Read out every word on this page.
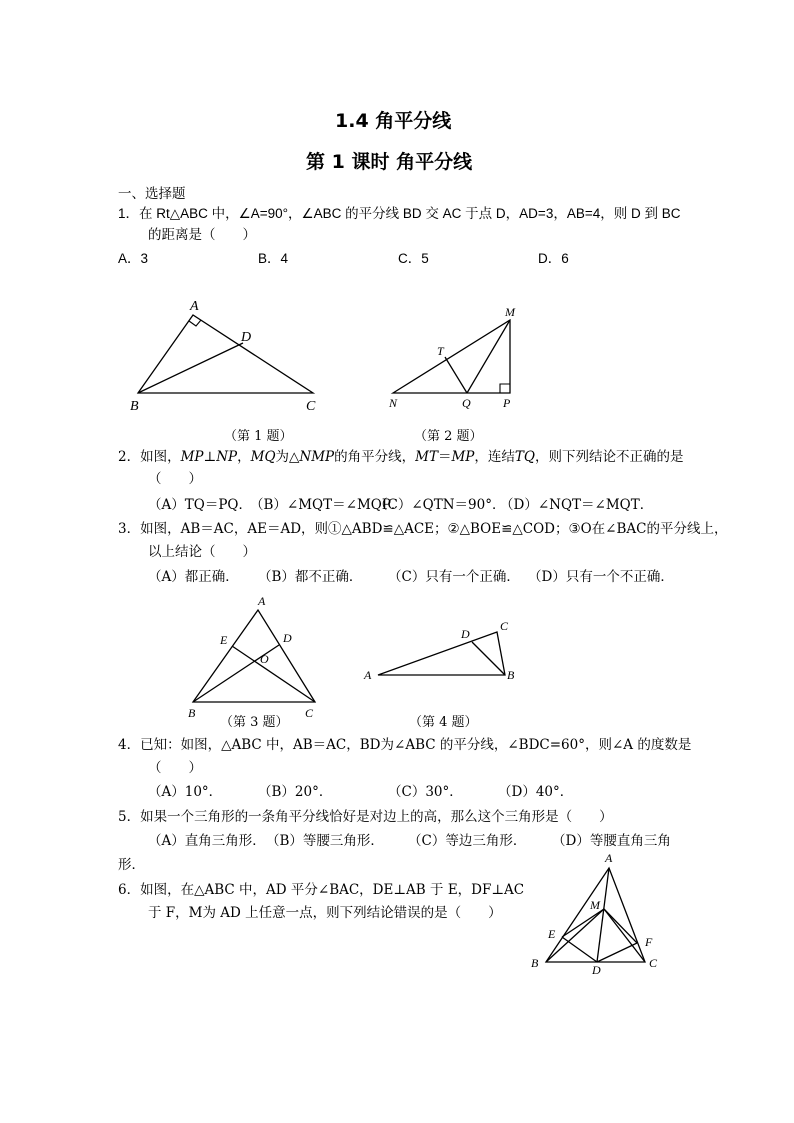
1.4 角平分线
第 1 课时 角平分线
一、选择题
1．在 Rt△ABC 中，∠A=90°，∠ABC 的平分线 BD 交 AC 于点 D，AD=3，AB=4，则 D 到 BC
的距离是（　　）
A．3	B．4	C．5	D．6
A
D
B	C
（第 1 题）
M
T
N	Q	P
（第 2 题）
2．如图，MP⊥NP，MQ为△NMP的角平分线，MT＝MP，连结TQ，则下列结论不正确的是
（　　）
（A）TQ＝PQ．
（B）∠MQT＝∠MQP．
（C）∠QTN＝90°．
（D）∠NQT＝∠MQT．
3．如图，AB＝AC，AE＝AD，则①△ABD≌△ACE；②△BOE≌△COD；③O在∠BAC的平分线上，
以上结论（　　）
（A）都正确． （B）都不正确． （C）只有一个正确． （D）只有一个不正确．
A
E	D
O
B	C
（第 3 题）
D
C
A	B
（第 4 题）
4．已知：如图，△ABC 中，AB＝AC，BD为∠ABC 的平分线，∠BDC=60°，则∠A 的度数是
（　　）
（A）10°．	（B）20°．	（C）30°．	（D）40°．
5．如果一个三角形的一条角平分线恰好是对边上的高，那么这个三角形是（　　）
（A）直角三角形． （B）等腰三角形． （C）等边三角形． （D）等腰直角三角
形．
6．如图，在△ABC 中，AD 平分∠BAC，DE⊥AB 于 E，DF⊥AC
于 F，M为 AD 上任意一点，则下列结论错误的是（　　）
A
M
E
F
B	D	C
